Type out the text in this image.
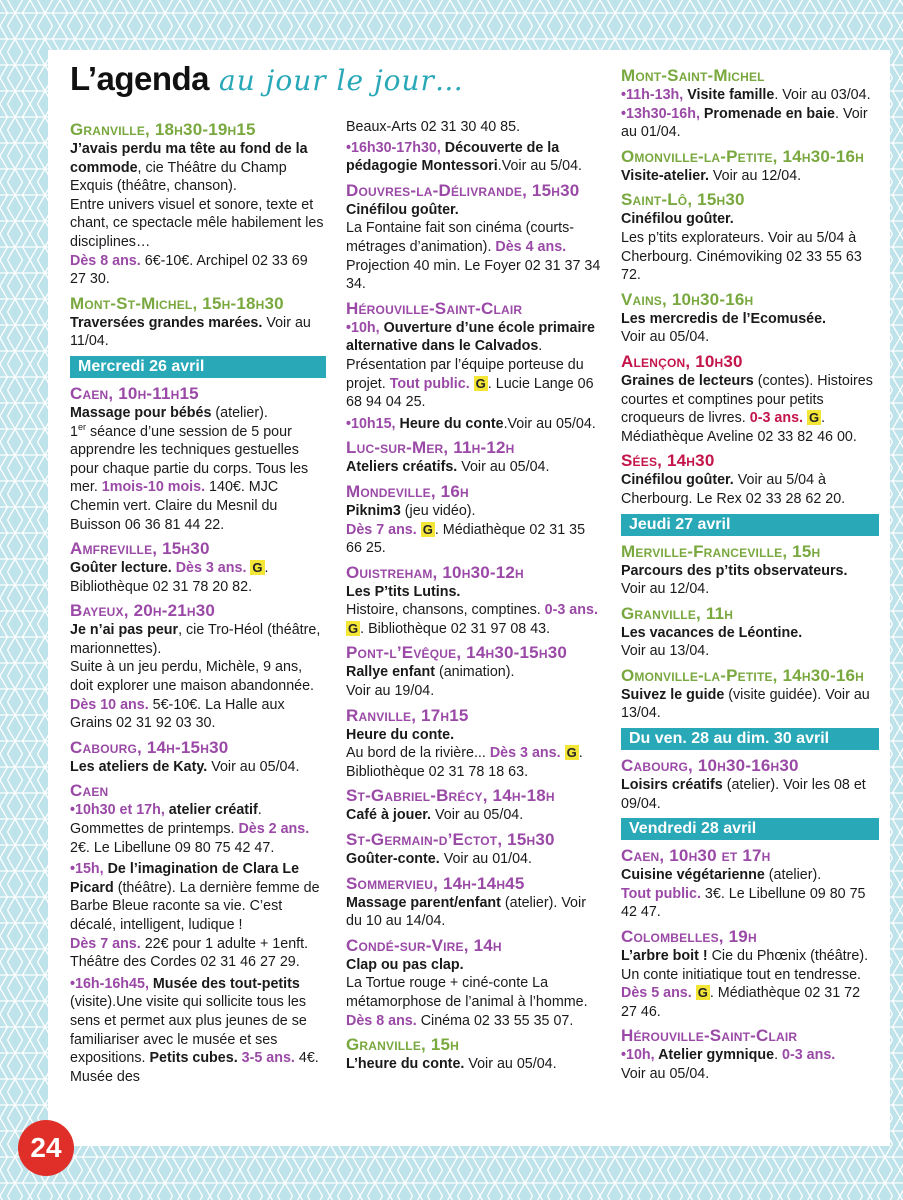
L’agenda au jour le jour…
Granville, 18h30-19h15
J’avais perdu ma tête au fond de la commode, cie Théâtre du Champ Exquis (théâtre, chanson).
Entre univers visuel et sonore, texte et chant, ce spectacle mêle habilement les disciplines…
Dès 8 ans. 6€-10€. Archipel 02 33 69 27 30.
Mont-St-Michel, 15h-18h30
Traversées grandes marées. Voir au 11/04.
Mercredi 26 avril
Caen, 10h-11h15
Massage pour bébés (atelier).
1er séance d’une session de 5 pour apprendre les techniques gestuelles pour chaque partie du corps. Tous les mer. 1mois-10 mois. 140€. MJC Chemin vert. Claire du Mesnil du Buisson 06 36 81 44 22.
Amfreville, 15h30
Goûter lecture. Dès 3 ans. G . Bibliothèque 02 31 78 20 82.
Bayeux, 20h-21h30
Je n’ai pas peur, cie Tro-Héol (théâtre, marionnettes).
Suite à un jeu perdu, Michèle, 9 ans, doit explorer une maison abandonnée. Dès 10 ans. 5€-10€. La Halle aux Grains 02 31 92 03 30.
Cabourg, 14h-15h30
Les ateliers de Katy. Voir au 05/04.
Caen
•10h30 et 17h, atelier créatif.
Gommettes de printemps. Dès 2 ans. 2€. Le Libellune 09 80 75 42 47.
•15h, De l’imagination de Clara Le Picard (théâtre). La dernière femme de Barbe Bleue raconte sa vie. C’est décalé, intelligent, ludique !
Dès 7 ans. 22€ pour 1 adulte + 1enft. Théâtre des Cordes 02 31 46 27 29.
•16h-16h45, Musée des tout-petits (visite).Une visite qui sollicite tous les sens et permet aux plus jeunes de se familiariser avec le musée et ses expositions. Petits cubes. 3-5 ans. 4€. Musée des
Beaux-Arts 02 31 30 40 85.
•16h30-17h30, Découverte de la pédagogie Montessori.Voir au 5/04.
Douvres-la-Délivrande, 15h30
Cinéfilou goûter.
La Fontaine fait son cinéma (courts-métrages d’animation). Dès 4 ans. Projection 40 min. Le Foyer 02 31 37 34 34.
Hérouville-Saint-Clair
•10h, Ouverture d’une école primaire alternative dans le Calvados. Présentation par l’équipe porteuse du projet. Tout public. G . Lucie Lange 06 68 94 04 25.
•10h15, Heure du conte.Voir au 05/04.
Luc-sur-Mer, 11h-12h
Ateliers créatifs. Voir au 05/04.
Mondeville, 16h
Piknim3 (jeu vidéo).
Dès 7 ans. G . Médiathèque 02 31 35 66 25.
Ouistreham, 10h30-12h
Les P’tits Lutins.
Histoire, chansons, comptines. 0-3 ans. G . Bibliothèque 02 31 97 08 43.
Pont-l’Evêque, 14h30-15h30
Rallye enfant (animation).
Voir au 19/04.
Ranville, 17h15
Heure du conte.
Au bord de la rivière... Dès 3 ans. G . Bibliothèque 02 31 78 18 63.
St-Gabriel-Brécy, 14h-18h
Café à jouer. Voir au 05/04.
St-Germain-d’Ectot, 15h30
Goûter-conte. Voir au 01/04.
Sommervieu, 14h-14h45
Massage parent/enfant (atelier). Voir du 10 au 14/04.
Condé-sur-Vire, 14h
Clap ou pas clap.
La Tortue rouge + ciné-conte La métamorphose de l’animal à l’homme. Dès 8 ans. Cinéma 02 33 55 35 07.
Granville, 15h
L’heure du conte. Voir au 05/04.
Mont-Saint-Michel
•11h-13h, Visite famille. Voir au 03/04.
•13h30-16h, Promenade en baie. Voir au 01/04.
Omonville-la-Petite, 14h30-16h
Visite-atelier. Voir au 12/04.
Saint-Lô, 15h30
Cinéfilou goûter.
Les p’tits explorateurs. Voir au 5/04 à Cherbourg. Cinémoviking 02 33 55 63 72.
Vains, 10h30-16h
Les mercredis de l’Ecomusée.
Voir au 05/04.
Alençon, 10h30
Graines de lecteurs (contes). Histoires courtes et comptines pour petits croqueurs de livres. 0-3 ans. G . Médiathèque Aveline 02 33 82 46 00.
Sées, 14h30
Cinéfilou goûter. Voir au 5/04 à Cherbourg. Le Rex 02 33 28 62 20.
Jeudi 27 avril
Merville-Franceville, 15h
Parcours des p’tits observateurs.
Voir au 12/04.
Granville, 11h
Les vacances de Léontine.
Voir au 13/04.
Omonville-la-Petite, 14h30-16h
Suivez le guide (visite guidée). Voir au 13/04.
Du ven. 28 au dim. 30 avril
Cabourg, 10h30-16h30
Loisirs créatifs (atelier). Voir les 08 et 09/04.
Vendredi 28 avril
Caen, 10h30 et 17h
Cuisine végétarienne (atelier).
Tout public. 3€. Le Libellune 09 80 75 42 47.
Colombelles, 19h
L’arbre boit ! Cie du Phœnix (théâtre). Un conte initiatique tout en tendresse.
Dès 5 ans. G . Médiathèque 02 31 72 27 46.
Hérouville-Saint-Clair
•10h, Atelier gymnique. 0-3 ans.
Voir au 05/04.
24
